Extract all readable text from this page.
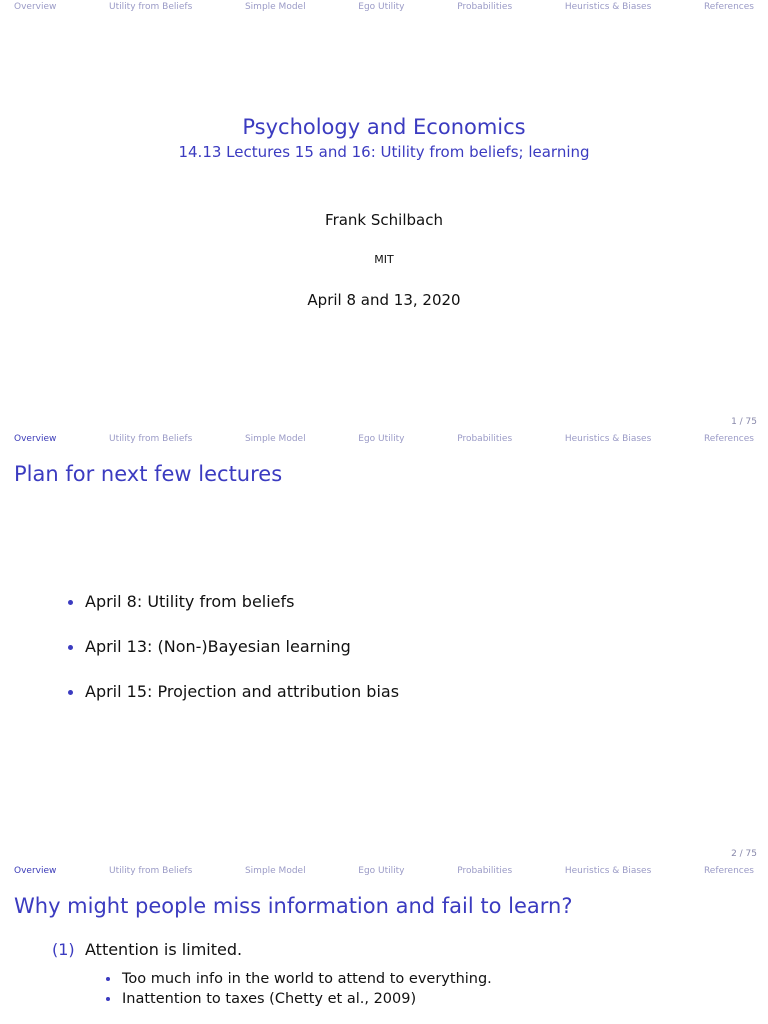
Overview	Utility from Beliefs	Simple Model	Ego Utility	Probabilities	Heuristics & Biases	References
Psychology and Economics
14.13 Lectures 15 and 16: Utility from beliefs; learning
Frank Schilbach
MIT
April 8 and 13, 2020
1 / 75
Overview	Utility from Beliefs	Simple Model	Ego Utility	Probabilities	Heuristics & Biases	References
Plan for next few lectures
April 8: Utility from beliefs
April 13: (Non-)Bayesian learning
April 15: Projection and attribution bias
2 / 75
Overview	Utility from Beliefs	Simple Model	Ego Utility	Probabilities	Heuristics & Biases	References
Why might people miss information and fail to learn?
(1) Attention is limited.
Too much info in the world to attend to everything.
Inattention to taxes (Chetty et al., 2009)
